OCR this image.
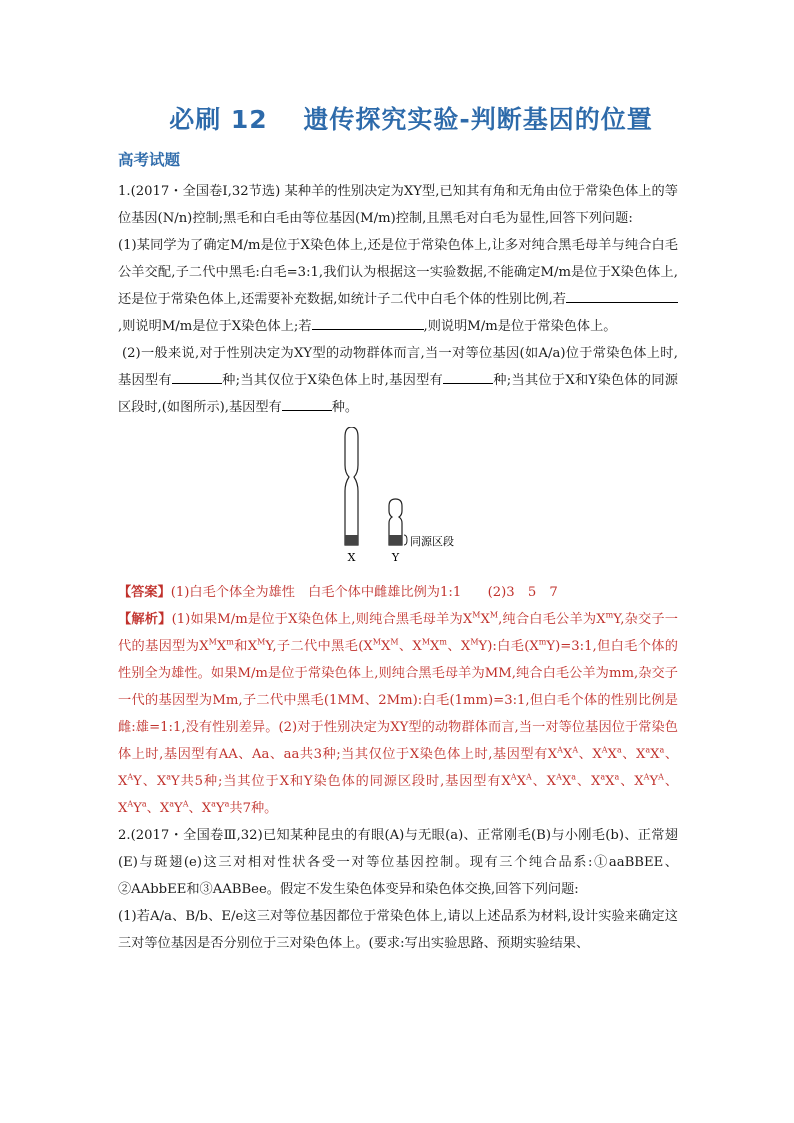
必刷 12　 遗传探究实验-判断基因的位置
高考试题

1.(2017・全国卷Ⅰ,32节选) 某种羊的性别决定为XY型,已知其有角和无角由位于常染色体上的等位基因(N/n)控制;黑毛和白毛由等位基因(M/m)控制,且黑毛对白毛为显性,回答下列问题:

(1)某同学为了确定M/m是位于X染色体上,还是位于常染色体上,让多对纯合黑毛母羊与纯合白毛公羊交配,子二代中黑毛:白毛=3:1,我们认为根据这一实验数据,不能确定M/m是位于X染色体上,还是位于常染色体上,还需要补充数据,如统计子二代中白毛个体的性别比例,若,则说明M/m是位于X染色体上;若	,则说明M/m是位于常染色体上。

(2)一般来说,对于性别决定为XY型的动物群体而言,当一对等位基因(如A/a)位于常染色体上时,基因型有	种;当其仅位于X染色体上时,基因型有	种;当其位于X和Y染色体的同源区段时,(如图所示),基因型有	种。

X	Y
同源区段

【答案】(1)白毛个体全为雄性　白毛个体中雌雄比例为1:1　　(2)3　5　7

【解析】(1)如果M/m是位于X染色体上,则纯合黑毛母羊为$X^MX^M$,纯合白毛公羊为$X^mY$,杂交子一代的基因型为$X^MX^m$和$X^MY$,子二代中黑毛($X^MX^M$、$X^MX^m$、$X^MY$):白毛$(X^mY)=3:1$,但白毛个体的性别全为雄性。如果M/m是位于常染色体上,则纯合黑毛母羊为MM,纯合白毛公羊为mm,杂交子一代的基因型为Mm,子二代中黑毛(1MM、2Mm):白毛(1mm)=3:1,但白毛个体的性别比例是雌:雄=1:1,没有性别差异。(2)对于性别决定为XY型的动物群体而言,当一对等位基因位于常染色体上时,基因型有AA、Aa、aa共3种;当其仅位于X染色体上时,基因型有$X^AX^A$、$X^AX^a$、$X^aX^a$、$X^AY$、$X^aY$共5种;当其位于X和Y染色体的同源区段时,基因型有$X^AX^A$、$X^AX^a$、$X^aX^a$、$X^AY^A$、$X^AY^a$、$X^aY^A$、$X^aY^a$共7种。

2.(2017・全国卷Ⅲ,32)已知某种昆虫的有眼(A)与无眼(a)、正常刚毛(B)与小刚毛(b)、正常翅(E)与斑翅(e)这三对相对性状各受一对等位基因控制。现有三个纯合品系:①aaBBEE、②AAbbEE和③AABBee。假定不发生染色体变异和染色体交换,回答下列问题:

(1)若A/a、B/b、E/e这三对等位基因都位于常染色体上,请以上述品系为材料,设计实验来确定这三对等位基因是否分别位于三对染色体上。(要求:写出实验思路、预期实验结果、
